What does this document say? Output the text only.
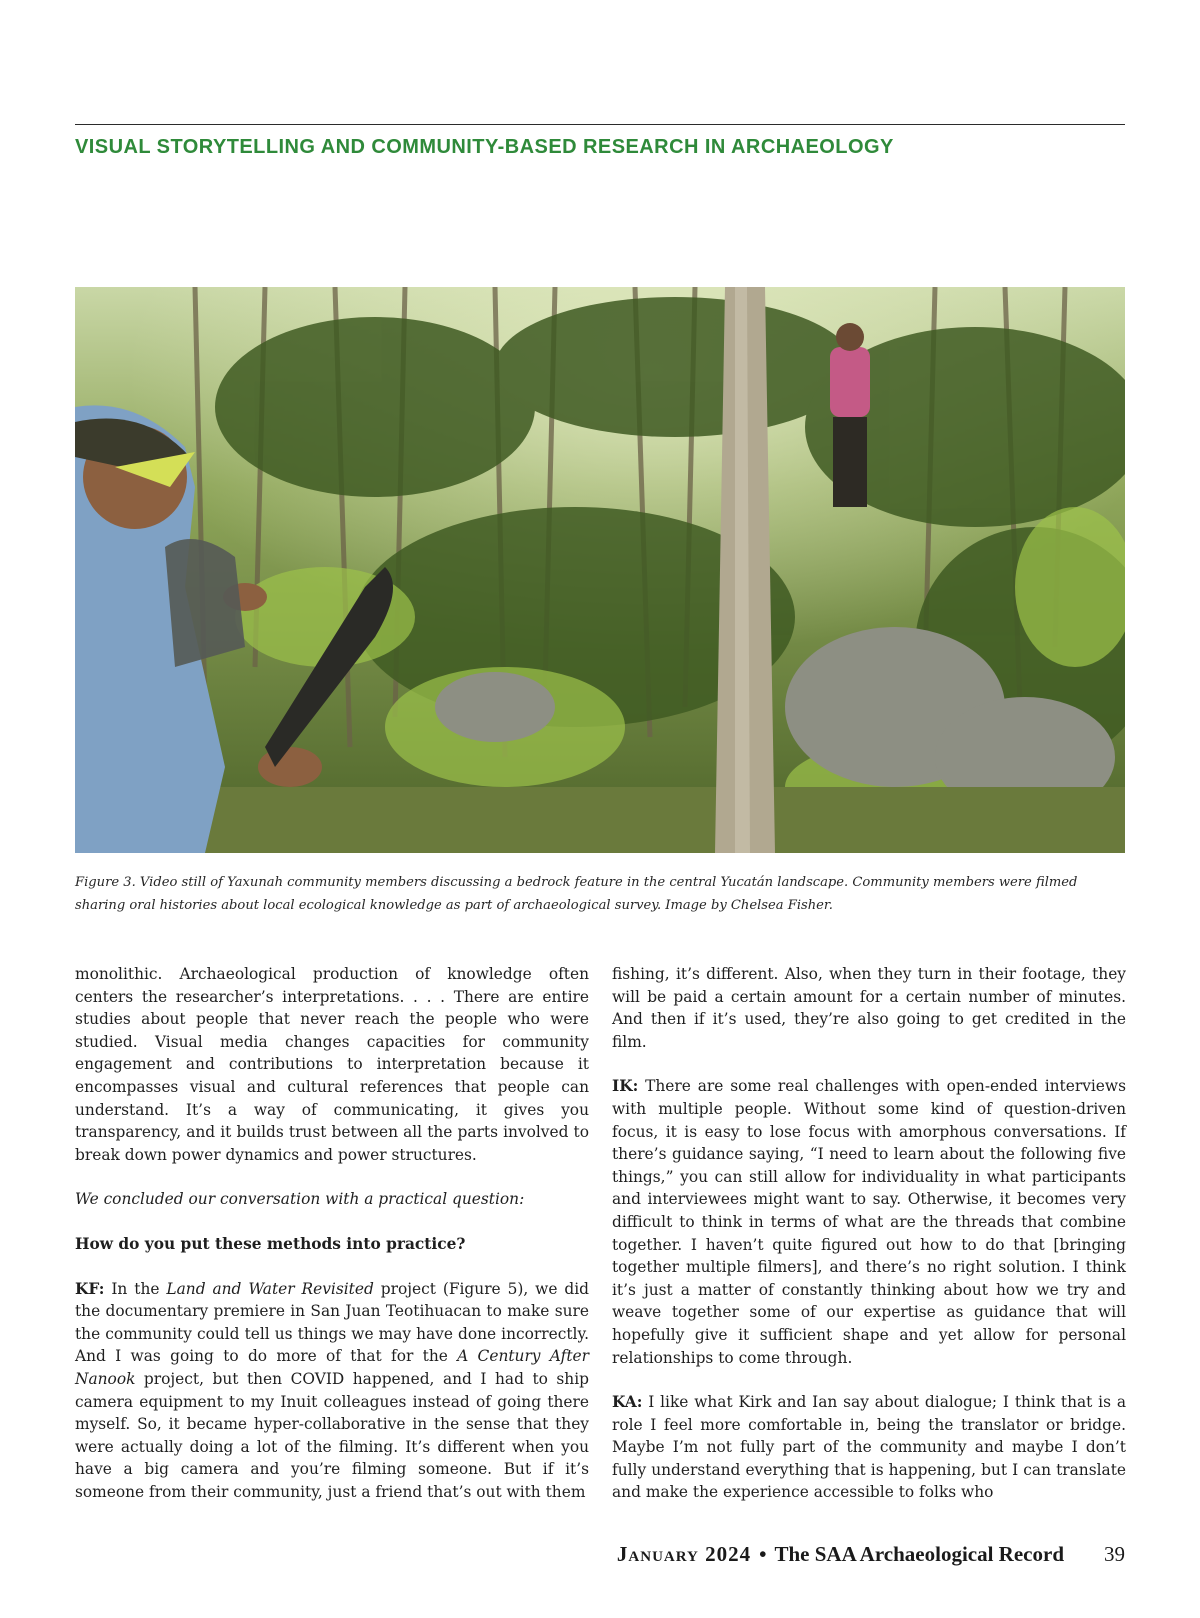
VISUAL STORYTELLING AND COMMUNITY-BASED RESEARCH IN ARCHAEOLOGY

Figure 3. Video still of Yaxunah community members discussing a bedrock feature in the central Yucatán landscape. Community members were filmed sharing oral histories about local ecological knowledge as part of archaeological survey. Image by Chelsea Fisher.

monolithic. Archaeological production of knowledge often centers the researcher’s interpretations. . . . There are entire studies about people that never reach the people who were studied. Visual media changes capacities for community engagement and contributions to interpretation because it encompasses visual and cultural references that people can understand. It’s a way of communicating, it gives you transparency, and it builds trust between all the parts involved to break down power dynamics and power structures.

We concluded our conversation with a practical question:

How do you put these methods into practice?

KF: In the Land and Water Revisited project (Figure 5), we did the documentary premiere in San Juan Teotihuacan to make sure the community could tell us things we may have done incorrectly. And I was going to do more of that for the A Century After Nanook project, but then COVID happened, and I had to ship camera equipment to my Inuit colleagues instead of going there myself. So, it became hyper-collaborative in the sense that they were actually doing a lot of the filming. It’s different when you have a big camera and you’re filming someone. But if it’s someone from their community, just a friend that’s out with them

fishing, it’s different. Also, when they turn in their footage, they will be paid a certain amount for a certain number of minutes. And then if it’s used, they’re also going to get credited in the film.

IK: There are some real challenges with open-ended interviews with multiple people. Without some kind of question-driven focus, it is easy to lose focus with amorphous conversations. If there’s guidance saying, “I need to learn about the following five things,” you can still allow for individuality in what participants and interviewees might want to say. Otherwise, it becomes very difficult to think in terms of what are the threads that combine together. I haven’t quite figured out how to do that [bringing together multiple filmers], and there’s no right solution. I think it’s just a matter of constantly thinking about how we try and weave together some of our expertise as guidance that will hopefully give it sufficient shape and yet allow for personal relationships to come through.

KA: I like what Kirk and Ian say about dialogue; I think that is a role I feel more comfortable in, being the translator or bridge. Maybe I’m not fully part of the community and maybe I don’t fully understand everything that is happening, but I can translate and make the experience accessible to folks who

January 2024 • The SAA Archaeological Record 39
